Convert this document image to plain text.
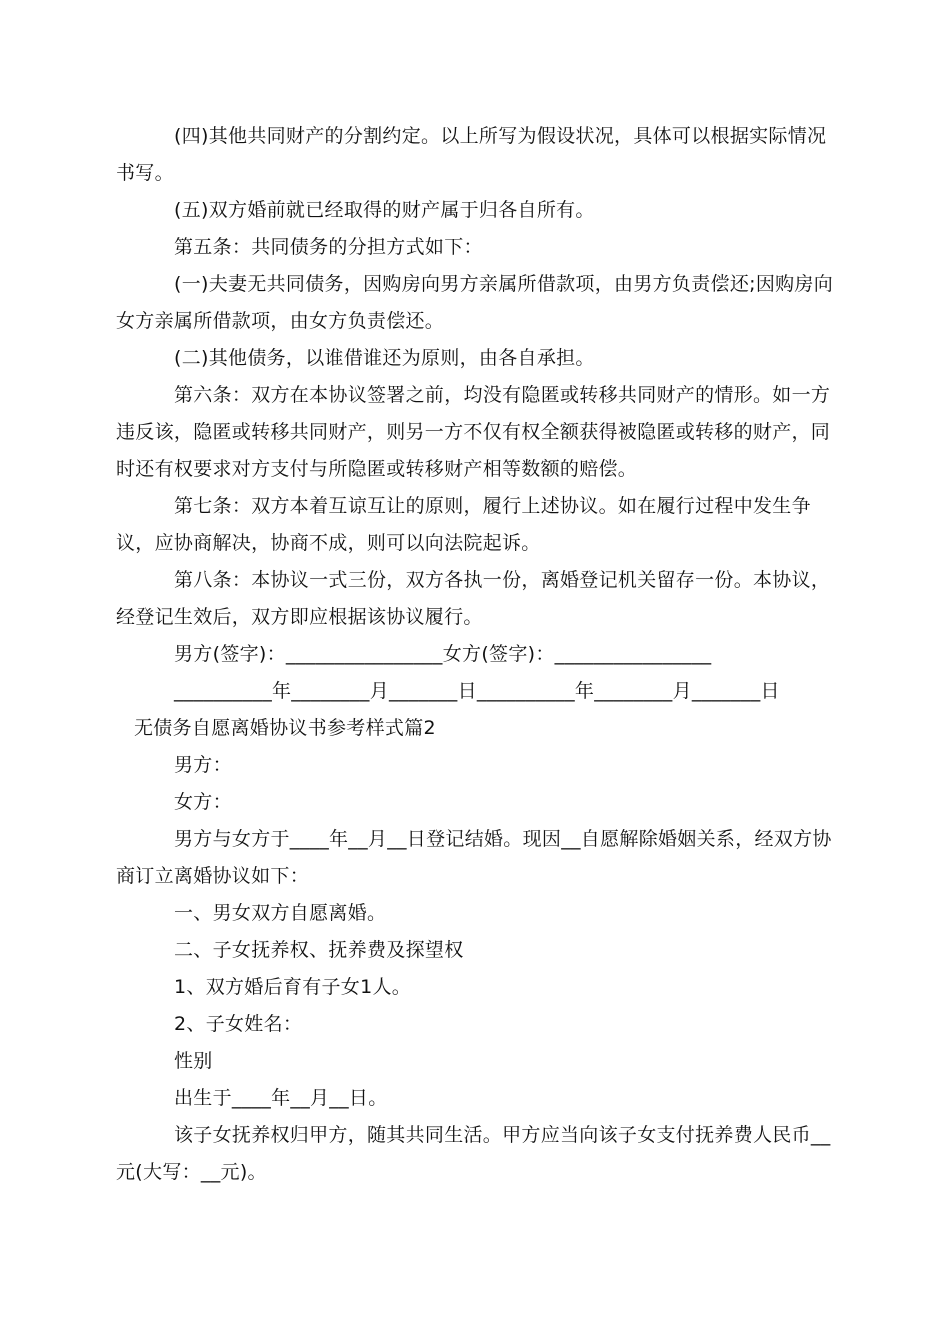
(四)其他共同财产的分割约定。以上所写为假设状况，具体可以根据实际情况书写。

(五)双方婚前就已经取得的财产属于归各自所有。

第五条：共同债务的分担方式如下：

(一)夫妻无共同债务，因购房向男方亲属所借款项，由男方负责偿还;因购房向女方亲属所借款项，由女方负责偿还。

(二)其他债务，以谁借谁还为原则，由各自承担。

第六条：双方在本协议签署之前，均没有隐匿或转移共同财产的情形。如一方违反该，隐匿或转移共同财产，则另一方不仅有权全额获得被隐匿或转移的财产，同时还有权要求对方支付与所隐匿或转移财产相等数额的赔偿。

第七条：双方本着互谅互让的原则，履行上述协议。如在履行过程中发生争议，应协商解决，协商不成，则可以向法院起诉。

第八条：本协议一式三份，双方各执一份，离婚登记机关留存一份。本协议，经登记生效后，双方即应根据该协议履行。

男方(签字)：________________女方(签字)：________________

__________年________月_______日__________年________月_______日

无债务自愿离婚协议书参考样式篇2

男方：

女方：

男方与女方于____年__月__日登记结婚。现因__自愿解除婚姻关系，经双方协商订立离婚协议如下：

一、男女双方自愿离婚。

二、子女抚养权、抚养费及探望权

1、双方婚后育有子女1人。

2、子女姓名：

性别

出生于____年__月__日。

该子女抚养权归甲方，随其共同生活。甲方应当向该子女支付抚养费人民币__元(大写：__元)。
